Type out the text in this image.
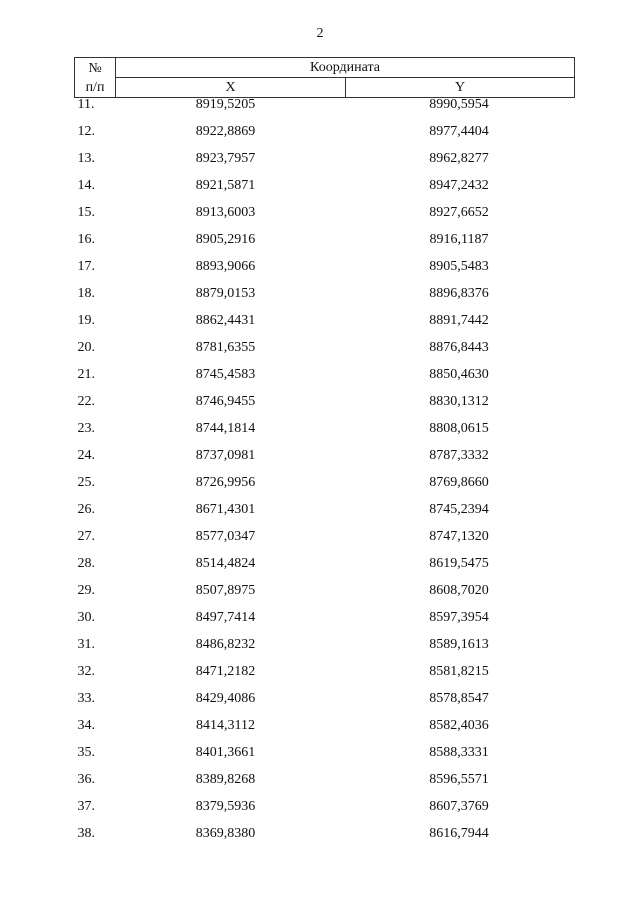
2
№
п/п	Координата	
	X	Y
11.	8919,5205	8990,5954
12.	8922,8869	8977,4404
13.	8923,7957	8962,8277
14.	8921,5871	8947,2432
15.	8913,6003	8927,6652
16.	8905,2916	8916,1187
17.	8893,9066	8905,5483
18.	8879,0153	8896,8376
19.	8862,4431	8891,7442
20.	8781,6355	8876,8443
21.	8745,4583	8850,4630
22.	8746,9455	8830,1312
23.	8744,1814	8808,0615
24.	8737,0981	8787,3332
25.	8726,9956	8769,8660
26.	8671,4301	8745,2394
27.	8577,0347	8747,1320
28.	8514,4824	8619,5475
29.	8507,8975	8608,7020
30.	8497,7414	8597,3954
31.	8486,8232	8589,1613
32.	8471,2182	8581,8215
33.	8429,4086	8578,8547
34.	8414,3112	8582,4036
35.	8401,3661	8588,3331
36.	8389,8268	8596,5571
37.	8379,5936	8607,3769
38.	8369,8380	8616,7944
